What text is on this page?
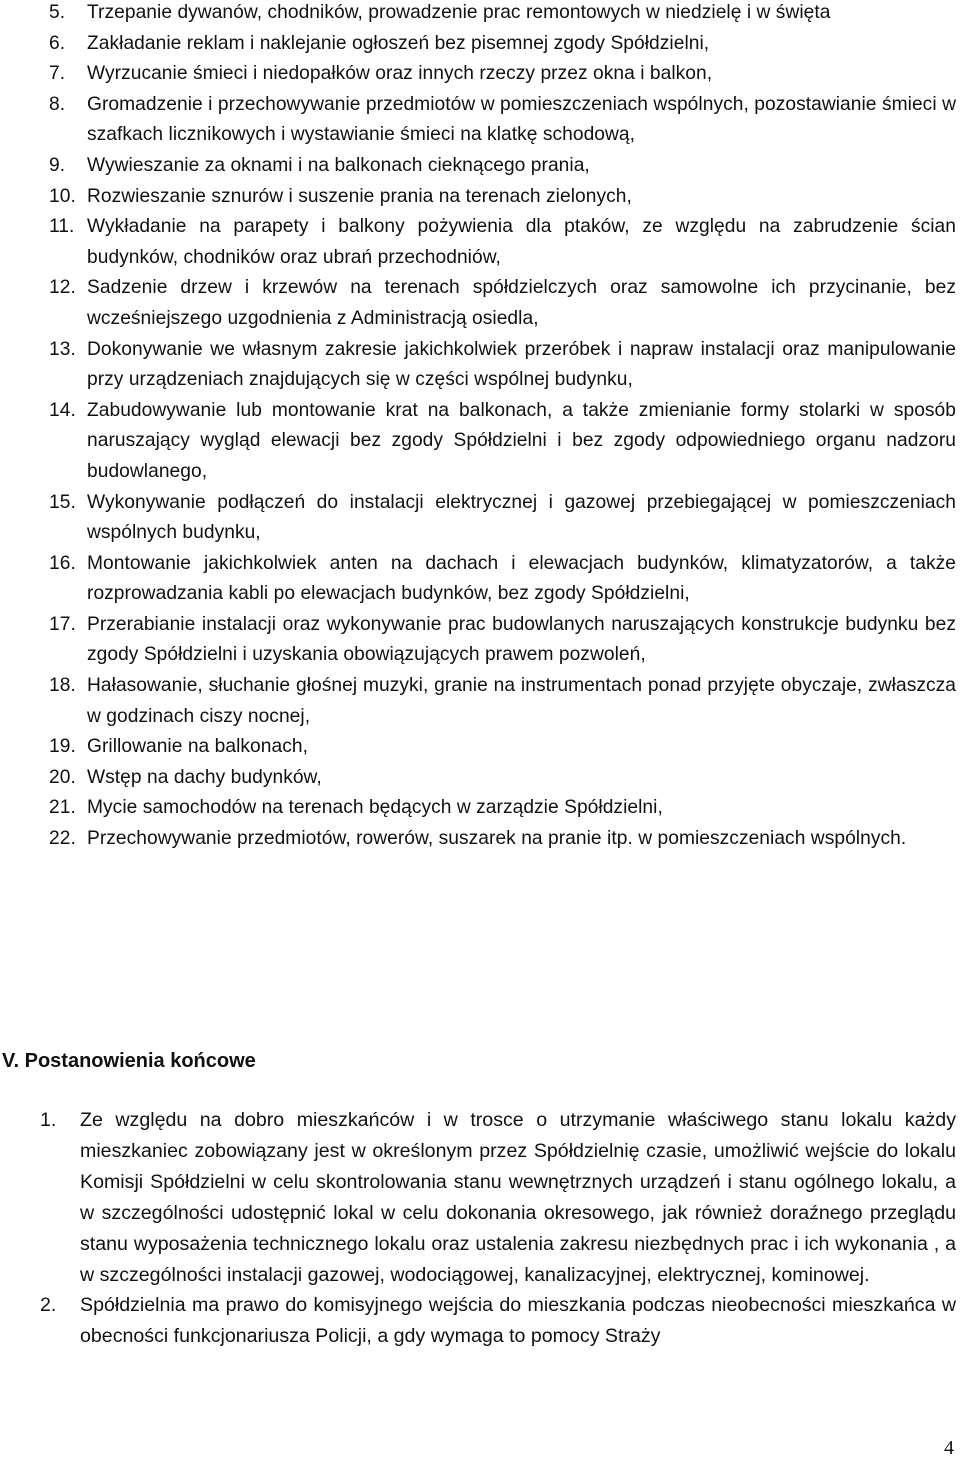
5.	Trzepanie dywanów, chodników, prowadzenie prac remontowych w niedzielę i w święta
6.	Zakładanie reklam i naklejanie ogłoszeń bez pisemnej zgody Spółdzielni,
7.	Wyrzucanie śmieci i niedopałków oraz innych rzeczy przez okna i balkon,
8.	Gromadzenie i przechowywanie przedmiotów w pomieszczeniach wspólnych, pozostawianie śmieci w szafkach licznikowych i wystawianie śmieci na klatkę schodową,
9.	Wywieszanie za oknami i na balkonach cieknącego prania,
10. Rozwieszanie sznurów i suszenie prania na terenach zielonych,
11. Wykładanie na parapety i balkony pożywienia dla ptaków, ze względu na zabrudzenie ścian budynków, chodników oraz ubrań przechodniów,
12. Sadzenie drzew i krzewów na terenach spółdzielczych oraz samowolne ich przycinanie, bez wcześniejszego uzgodnienia z Administracją osiedla,
13. Dokonywanie we własnym zakresie jakichkolwiek przeróbek i napraw instalacji oraz manipulowanie przy urządzeniach znajdujących się w części wspólnej budynku,
14. Zabudowywanie lub montowanie krat na balkonach, a także zmienianie formy stolarki w sposób naruszający wygląd elewacji bez zgody Spółdzielni i bez zgody odpowiedniego organu nadzoru budowlanego,
15. Wykonywanie podłączeń do instalacji elektrycznej i gazowej przebiegającej w pomieszczeniach wspólnych budynku,
16. Montowanie jakichkolwiek anten na dachach i elewacjach budynków, klimatyzatorów, a także rozprowadzania kabli po elewacjach budynków, bez zgody Spółdzielni,
17. Przerabianie instalacji oraz wykonywanie prac budowlanych naruszających konstrukcje budynku bez zgody Spółdzielni i uzyskania obowiązujących prawem pozwoleń,
18. Hałasowanie, słuchanie głośnej muzyki, granie na instrumentach ponad przyjęte obyczaje, zwłaszcza w godzinach ciszy nocnej,
19. Grillowanie na balkonach,
20. Wstęp na dachy budynków,
21. Mycie samochodów na terenach będących w zarządzie Spółdzielni,
22. Przechowywanie przedmiotów, rowerów, suszarek na pranie itp. w pomieszczeniach wspólnych.
V. Postanowienia końcowe
1.	Ze względu na dobro mieszkańców i w trosce o utrzymanie właściwego stanu lokalu każdy mieszkaniec zobowiązany jest w określonym przez Spółdzielnię czasie, umożliwić wejście do lokalu Komisji Spółdzielni w celu skontrolowania stanu wewnętrznych urządzeń i stanu ogólnego lokalu, a w szczególności udostępnić lokal w celu dokonania okresowego, jak również doraźnego przeglądu stanu wyposażenia technicznego lokalu oraz ustalenia zakresu niezbędnych prac i ich wykonania , a w szczególności instalacji gazowej, wodociągowej, kanalizacyjnej, elektrycznej, kominowej.
2.	Spółdzielnia ma prawo do komisyjnego wejścia do mieszkania podczas nieobecności mieszkańca w obecności funkcjonariusza Policji, a gdy wymaga to pomocy Straży
4
